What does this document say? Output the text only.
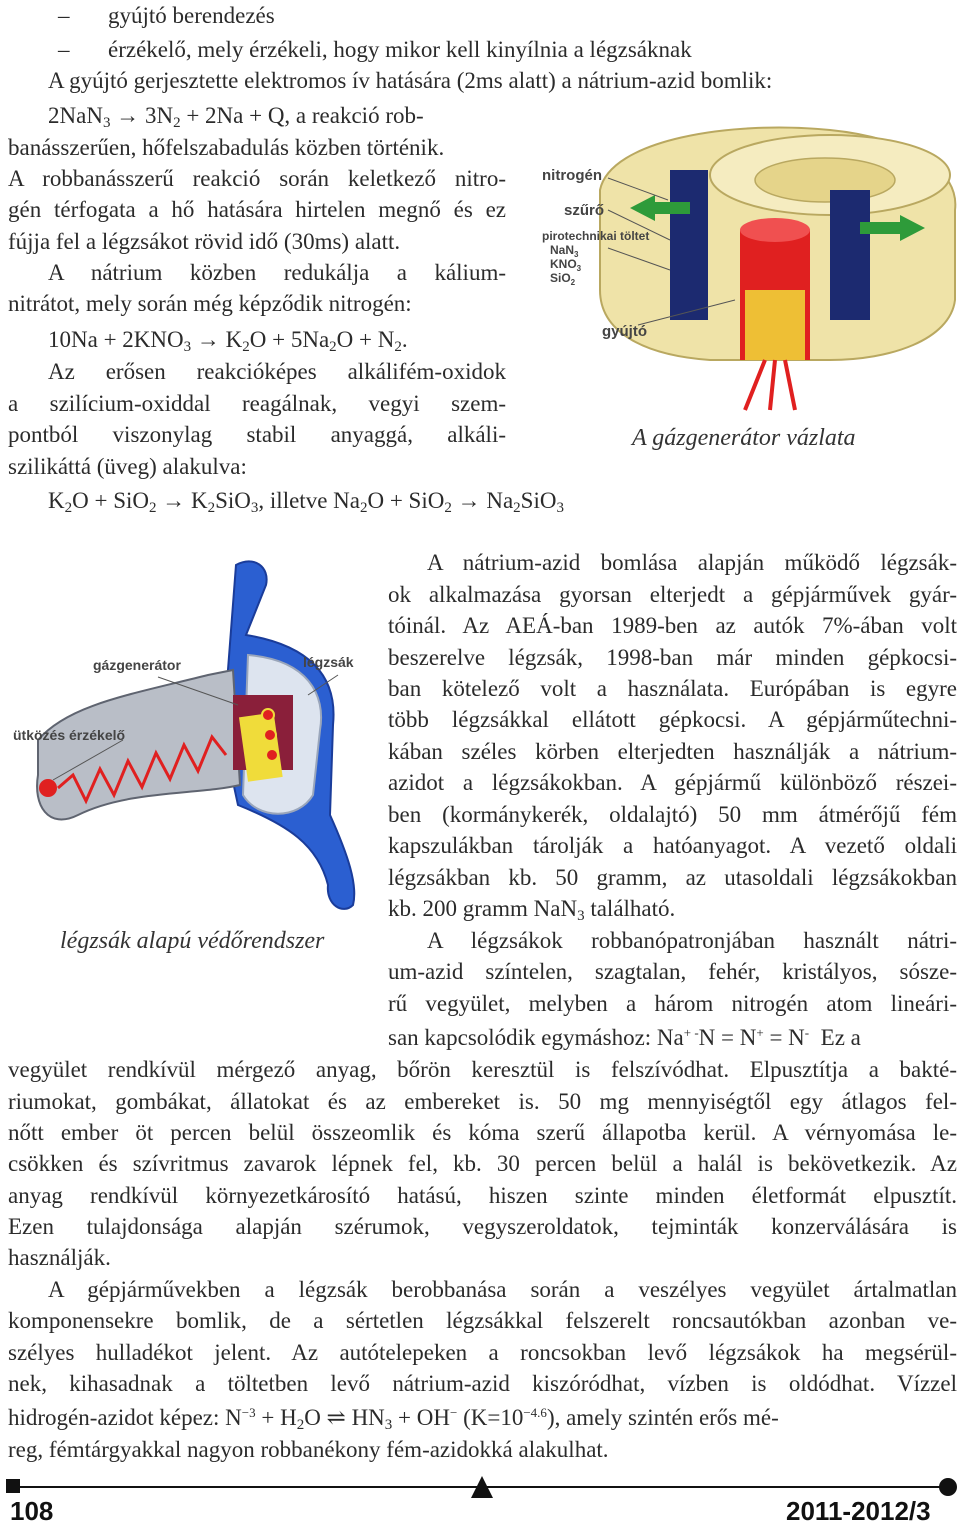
– gyújtó berendezés
– érzékelő, mely érzékeli, hogy mikor kell kinyílnia a légzsáknak
A gyújtó gerjesztette elektromos ív hatására (2ms alatt) a nátrium-azid bomlik:
$2NaN_3 \to 3N_2 + 2Na + Q$, a reakció rob-
banásszerűen, hőfelszabadulás közben történik.
A robbanásszerű reakció során keletkező nitro-
gén térfogata a hő hatására hirtelen megnő és ez
fújja fel a légzsákot rövid idő (30ms) alatt.
A nátrium közben redukálja a kálium-
nitrátot, mely során még képződik nitrogén:
$10Na + 2KNO_3 \to K_2O + 5Na_2O + N_2$.
Az erősen reakcióképes alkálifém-oxidok
a szilícium-oxiddal reagálnak, vegyi szem-
pontból viszonylag stabil anyaggá, alkáli-
szilikáttá (üveg) alakulva:
$K_2O + SiO_2 \to K_2SiO_3$, illetve $Na_2O + SiO_2 \to Na_2SiO_3$
nitrogén
szűrő
pirotechnikai töltet
NaN$_3$
$KNO_3$
SiO$_2$
gyújtó
A gázgenerátor vázlata
gázgenerátor	légzsák
ütközés érzékelő
légzsák alapú védőrendszer
A nátrium-azid bomlása alapján működő légzsák-
ok alkalmazása gyorsan elterjedt a gépjárművek gyár-
tóinál. Az AEÁ-ban 1989-ben az autók 7%-ában volt
beszerelve légzsák, 1998-ban már minden gépkocsi-
ban kötelező volt a használata. Európában is egyre
több légzsákkal ellátott gépkocsi. A gépjárműtechni-
kában széles körben elterjedten használják a nátrium-
azidot a légzsákokban. A gépjármű különböző részei-
ben (kormánykerék, oldalajtó) 50 mm átmérőjű fém
kapszulákban tárolják a hatóanyagot. A vezető oldali
légzsákban kb. 50 gramm, az utasoldali légzsákokban
kb. 200 gramm NaN$_3$ található.
A légzsákok robbanópatronjában használt nátri-
um-azid színtelen, szagtalan, fehér, kristályos, sósze-
rű vegyület, melyben a három nitrogén atom lineári-
san kapcsolódik egymáshoz: Na+ -N = N+ = N-  Ez a
vegyület rendkívül mérgező anyag, bőrön keresztül is felszívódhat. Elpusztítja a bakté-
riumokat, gombákat, állatokat és az embereket is. 50 mg mennyiségtől egy átlagos fel-
nőtt ember öt percen belül összeomlik és kóma szerű állapotba kerül. A vérnyomása le-
csökken és szívritmus zavarok lépnek fel, kb. 30 percen belül a halál is bekövetkezik. Az
anyag rendkívül környezetkárosító hatású, hiszen szinte minden életformát elpusztít.
Ezen tulajdonsága alapján szérumok, vegyszeroldatok, tejminták konzerválására is
használják.
A gépjárművekben a légzsák berobbanása során a veszélyes vegyület ártalmatlan
komponensekre bomlik, de a sértetlen légzsákkal felszerelt roncsautókban azonban ve-
szélyes hulladékot jelent. Az autótelepeken a roncsokban levő légzsákok ha megsérül-
nek, kihasadnak a töltetben levő nátrium-azid kiszóródhat, vízben is oldódhat. Vízzel
hidrogén-azidot képez: $N^{-3} + H_2O$ ⇌ $HN_3 + OH^-$ $(K=10^{-4.6})$, amely szintén erős mé-
reg, fémtárgyakkal nagyon robbanékony fém-azidokká alakulhat.
108	2011-2012/3
